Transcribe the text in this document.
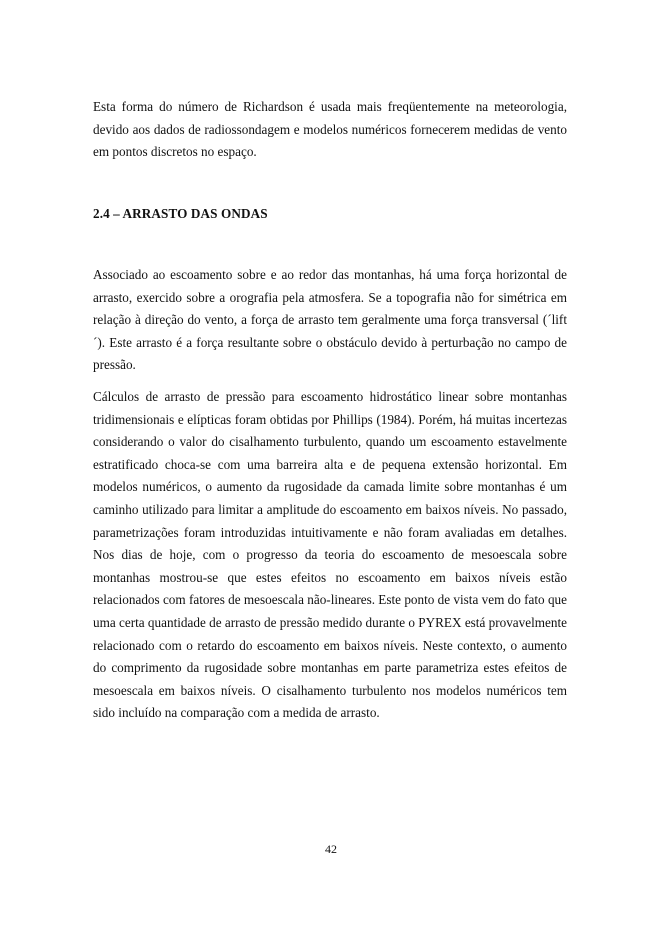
Esta forma do número de Richardson é usada mais freqüentemente na meteorologia, devido aos dados de radiossondagem e modelos numéricos fornecerem medidas de vento em pontos discretos no espaço.

2.4 – ARRASTO DAS ONDAS

Associado ao escoamento sobre e ao redor das montanhas, há uma força horizontal de arrasto, exercido sobre a orografia pela atmosfera. Se a topografia não for simétrica em relação à direção do vento, a força de arrasto tem geralmente uma força transversal (´lift´). Este arrasto é a força resultante sobre o obstáculo devido à perturbação no campo de pressão.

Cálculos de arrasto de pressão para escoamento hidrostático linear sobre montanhas tridimensionais e elípticas foram obtidas por Phillips (1984). Porém, há muitas incertezas considerando o valor do cisalhamento turbulento, quando um escoamento estavelmente estratificado choca-se com uma barreira alta e de pequena extensão horizontal. Em modelos numéricos, o aumento da rugosidade da camada limite sobre montanhas é um caminho utilizado para limitar a amplitude do escoamento em baixos níveis. No passado, parametrizações foram introduzidas intuitivamente e não foram avaliadas em detalhes. Nos dias de hoje, com o progresso da teoria do escoamento de mesoescala sobre montanhas mostrou-se que estes efeitos no escoamento em baixos níveis estão relacionados com fatores de mesoescala não-lineares. Este ponto de vista vem do fato que uma certa quantidade de arrasto de pressão medido durante o PYREX está provavelmente relacionado com o retardo do escoamento em baixos níveis. Neste contexto, o aumento do comprimento da rugosidade sobre montanhas em parte parametriza estes efeitos de mesoescala em baixos níveis. O cisalhamento turbulento nos modelos numéricos tem sido incluído na comparação com a medida de arrasto.

42
